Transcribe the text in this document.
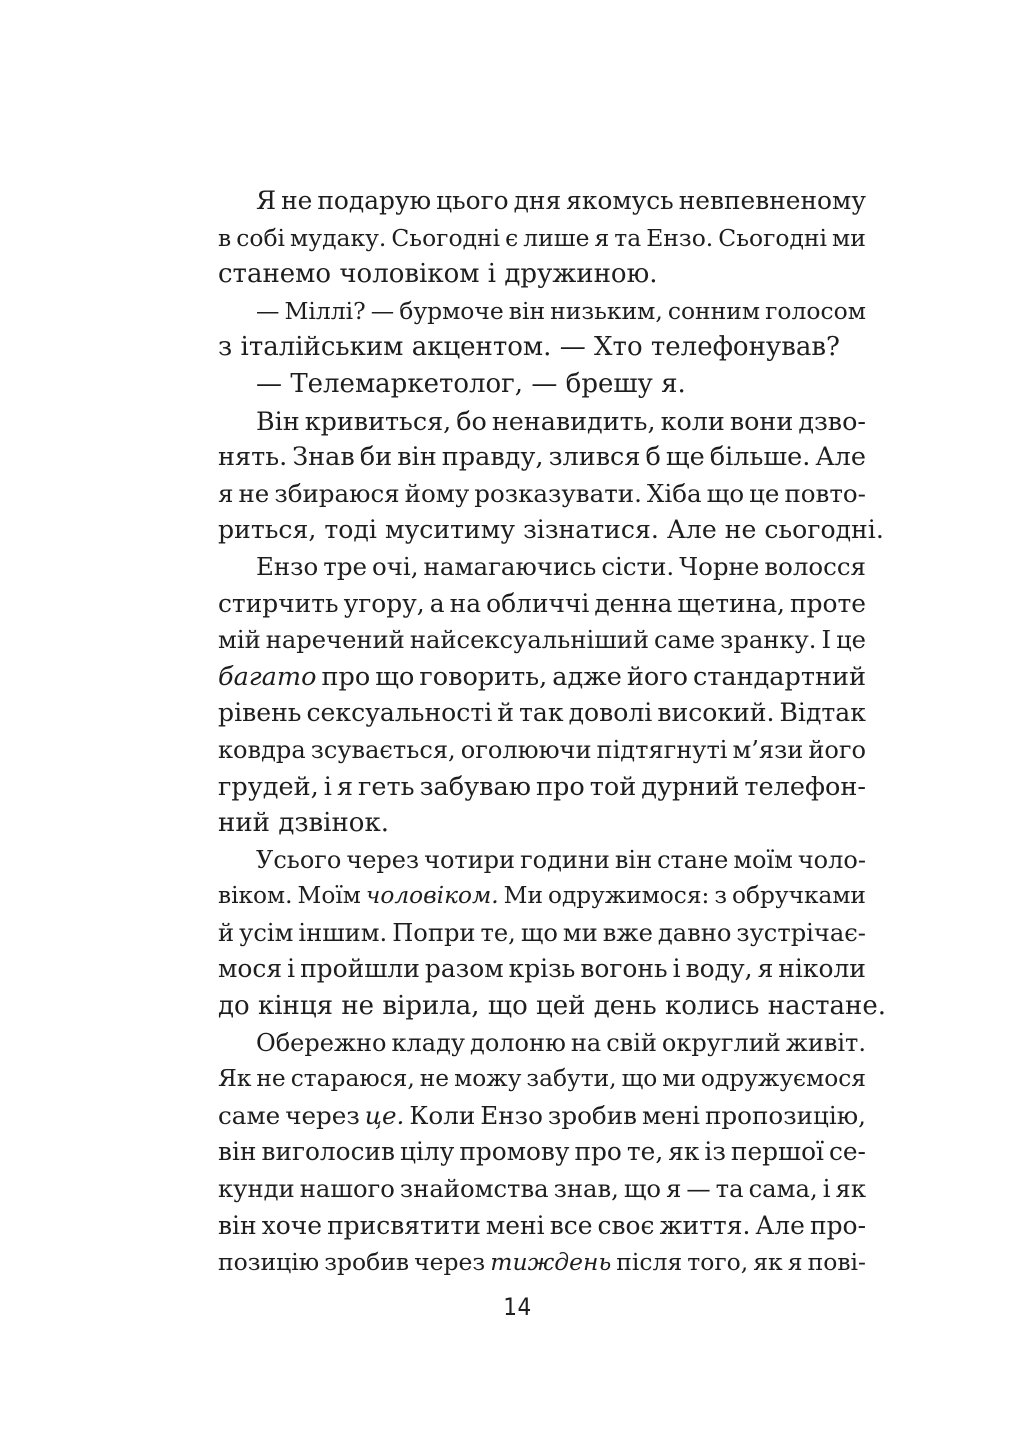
Я не подарую цього дня якомусь невпевненому
в собі мудаку. Сьогодні є лише я та Ензо. Сьогодні ми
станемо чоловіком і дружиною.
— Міллі? — бурмоче він низьким, сонним голосом
з італійським акцентом. — Хто телефонував?
— Телемаркетолог, — брешу я.
Він кривиться, бо ненавидить, коли вони дзво-
нять. Знав би він правду, злився б ще більше. Але
я не збираюся йому розказувати. Хіба що це повто-
риться, тоді муситиму зізнатися. Але не сьогодні.
Ензо тре очі, намагаючись сісти. Чорне волосся
стирчить угору, а на обличчі денна щетина, проте
мій наречений найсексуальніший саме зранку. І це
багато про що говорить, адже його стандартний
рівень сексуальності й так доволі високий. Відтак
ковдра зсувається, оголюючи підтягнуті м’язи його
грудей, і я геть забуваю про той дурний телефон-
ний дзвінок.
Усього через чотири години він стане моїм чоло-
віком. Моїм чоловіком. Ми одружимося: з обручками
й усім іншим. Попри те, що ми вже давно зустрічає-
мося і пройшли разом крізь вогонь і воду, я ніколи
до кінця не вірила, що цей день колись настане.
Обережно кладу долоню на свій округлий живіт.
Як не стараюся, не можу забути, що ми одружуємося
саме через це. Коли Ензо зробив мені пропозицію,
він виголосив цілу промову про те, як із першої се-
кунди нашого знайомства знав, що я — та сама, і як
він хоче присвятити мені все своє життя. Але про-
позицію зробив через тиждень після того, як я пові-
14
